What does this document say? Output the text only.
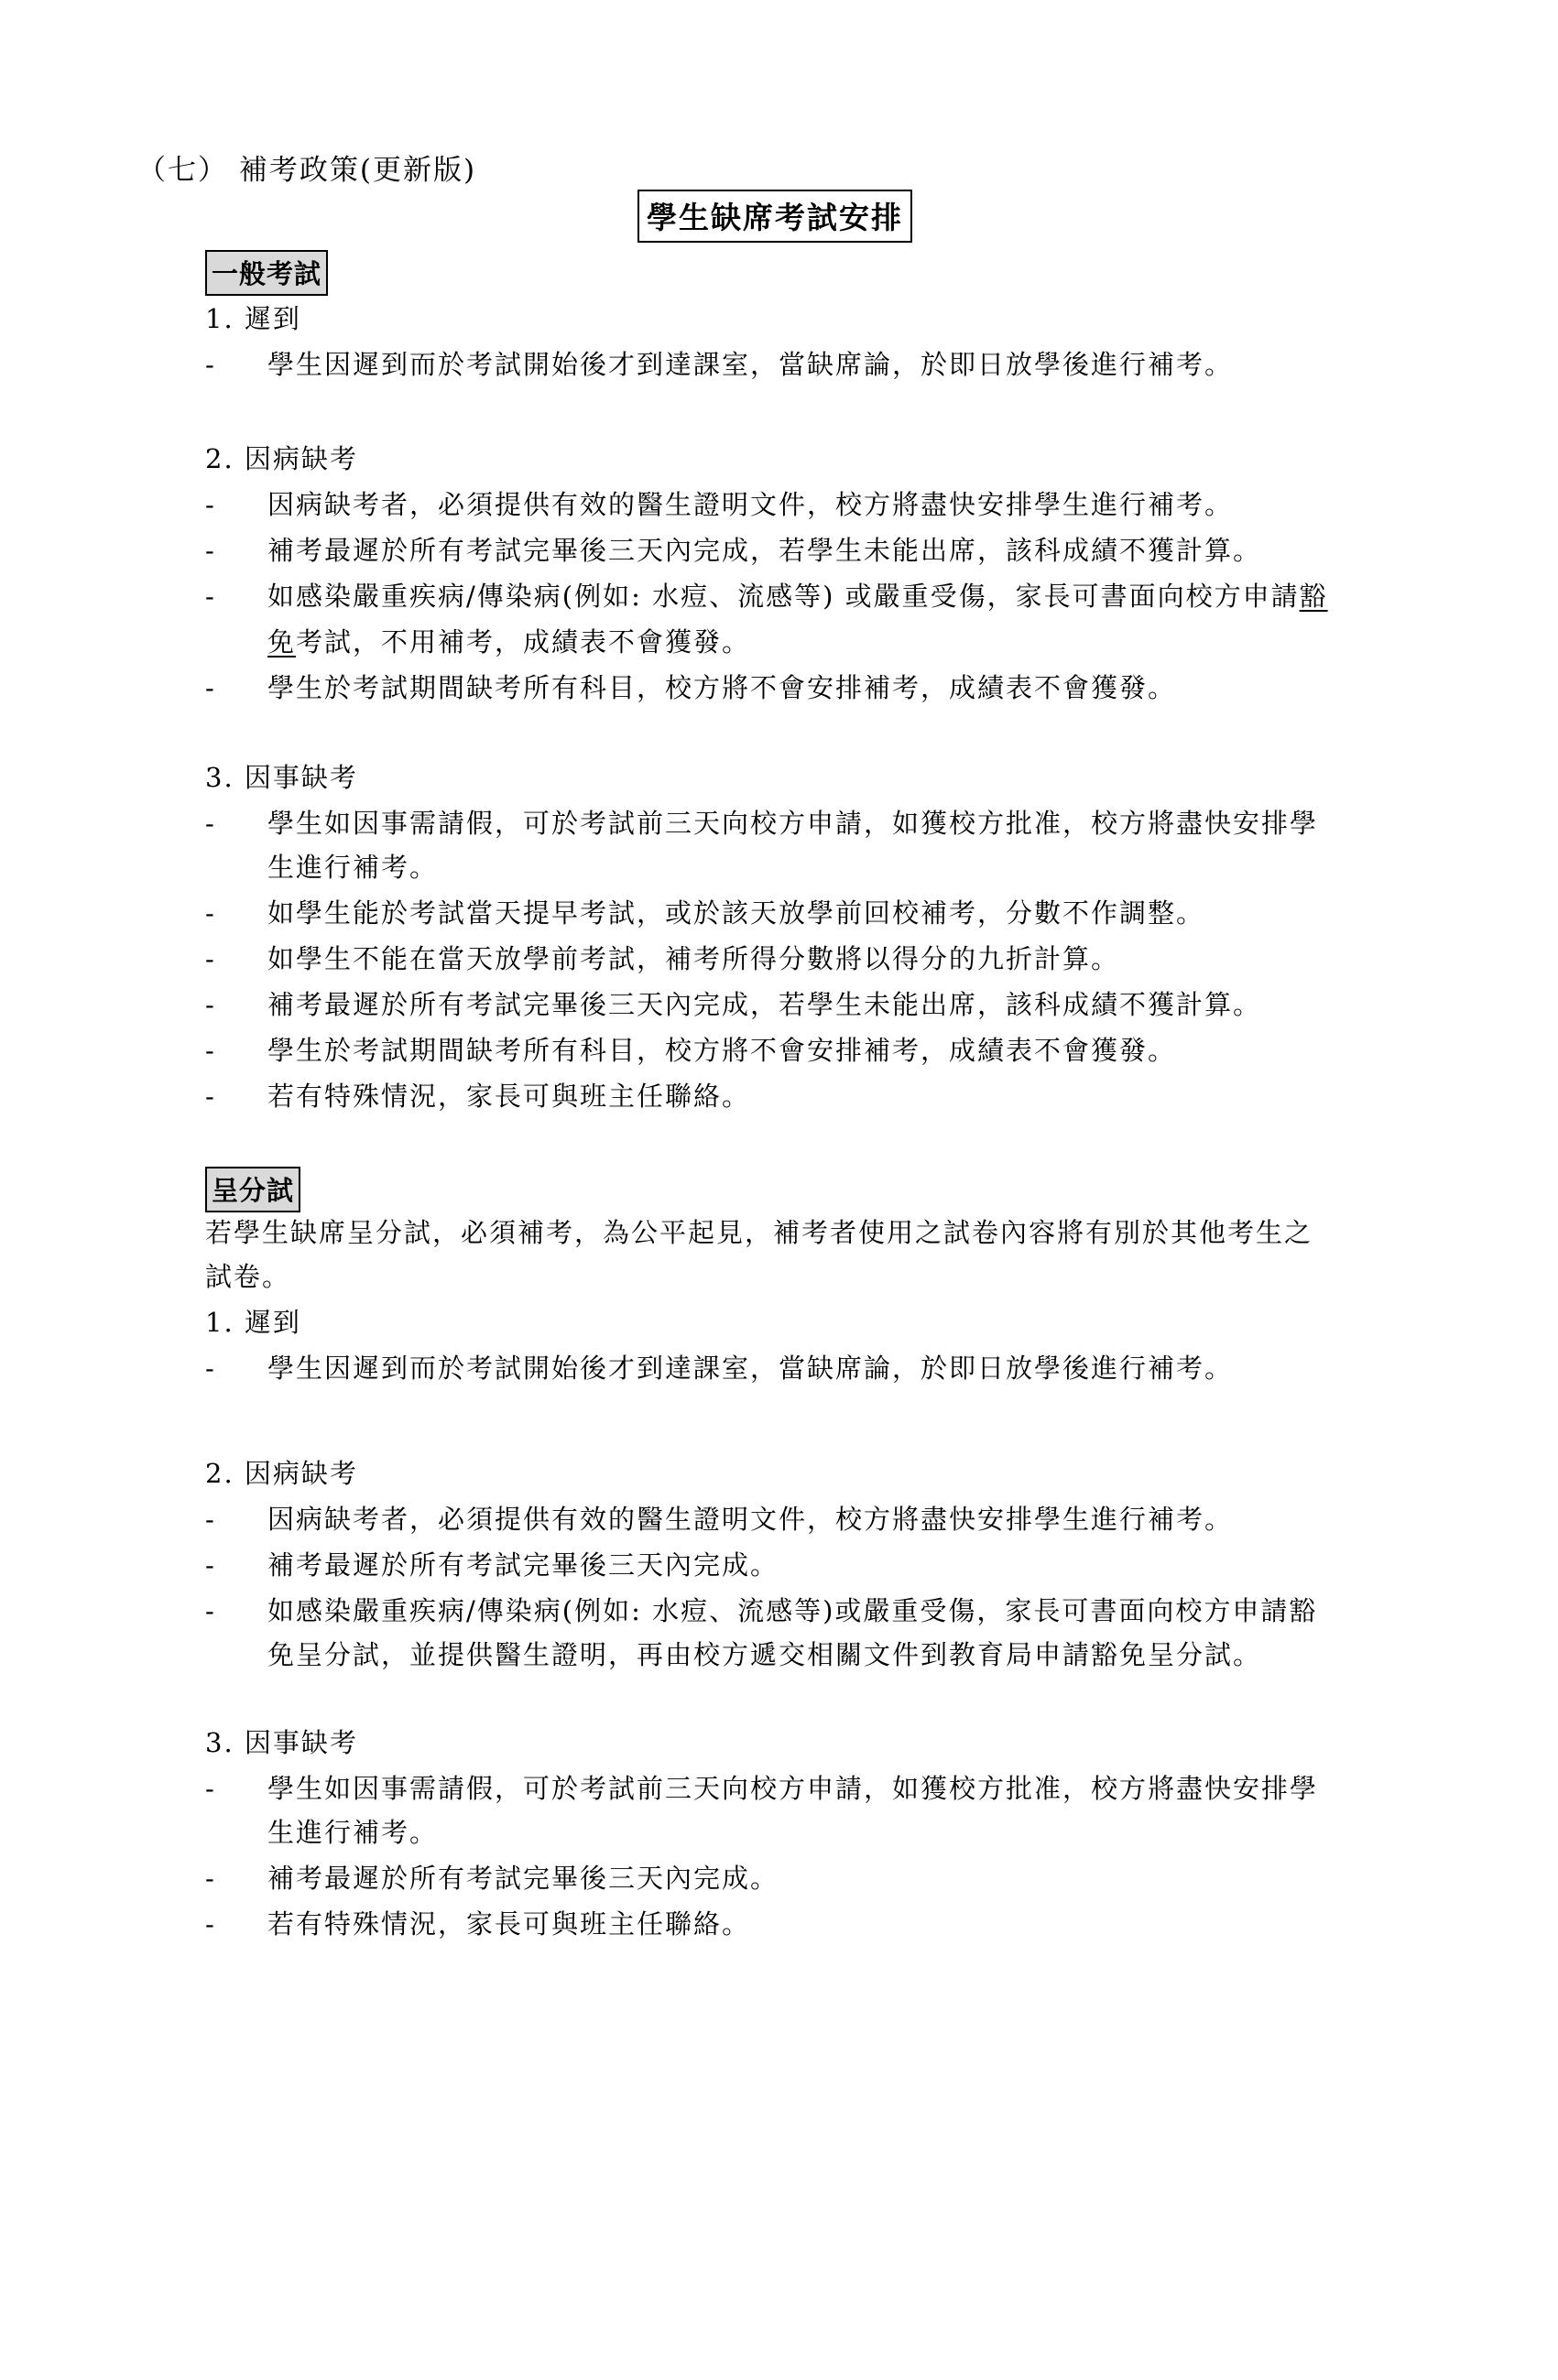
（七） 補考政策(更新版)
學生缺席考試安排
一般考試
1. 遲到
- 學生因遲到而於考試開始後才到達課室，當缺席論，於即日放學後進行補考。
2. 因病缺考
- 因病缺考者，必須提供有效的醫生證明文件，校方將盡快安排學生進行補考。
- 補考最遲於所有考試完畢後三天內完成，若學生未能出席，該科成績不獲計算。
- 如感染嚴重疾病/傳染病(例如: 水痘、流感等) 或嚴重受傷，家長可書面向校方申請豁
免考試，不用補考，成績表不會獲發。
- 學生於考試期間缺考所有科目，校方將不會安排補考，成績表不會獲發。
3. 因事缺考
- 學生如因事需請假，可於考試前三天向校方申請，如獲校方批准，校方將盡快安排學
生進行補考。
- 如學生能於考試當天提早考試，或於該天放學前回校補考，分數不作調整。
- 如學生不能在當天放學前考試，補考所得分數將以得分的九折計算。
- 補考最遲於所有考試完畢後三天內完成，若學生未能出席，該科成績不獲計算。
- 學生於考試期間缺考所有科目，校方將不會安排補考，成績表不會獲發。
- 若有特殊情況，家長可與班主任聯絡。
呈分試
若學生缺席呈分試，必須補考，為公平起見，補考者使用之試卷內容將有別於其他考生之
試卷。
1. 遲到
- 學生因遲到而於考試開始後才到達課室，當缺席論，於即日放學後進行補考。
2. 因病缺考
- 因病缺考者，必須提供有效的醫生證明文件，校方將盡快安排學生進行補考。
- 補考最遲於所有考試完畢後三天內完成。
- 如感染嚴重疾病/傳染病(例如: 水痘、流感等)或嚴重受傷，家長可書面向校方申請豁
免呈分試，並提供醫生證明，再由校方遞交相關文件到教育局申請豁免呈分試。
3. 因事缺考
- 學生如因事需請假，可於考試前三天向校方申請，如獲校方批准，校方將盡快安排學
生進行補考。
- 補考最遲於所有考試完畢後三天內完成。
- 若有特殊情況，家長可與班主任聯絡。
